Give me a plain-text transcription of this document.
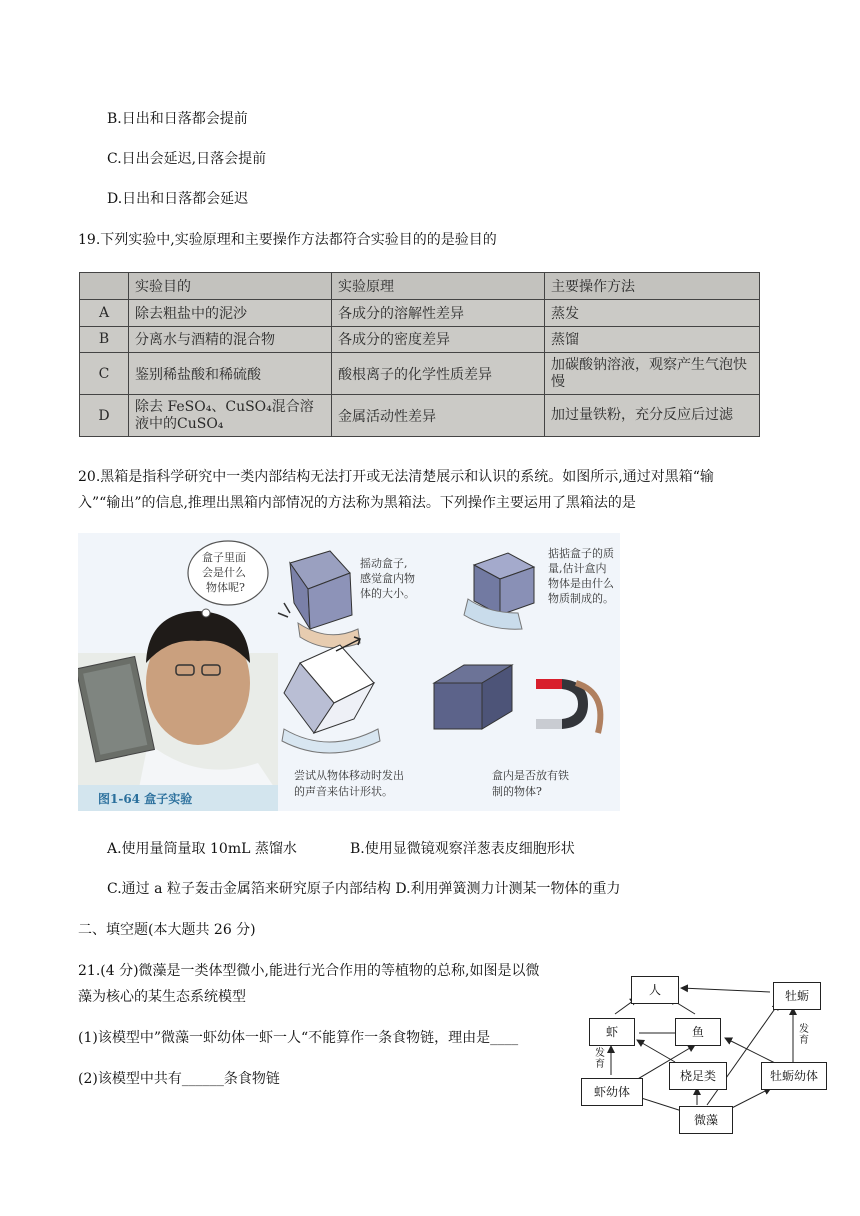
B.日出和日落都会提前
C.日出会延迟,日落会提前
D.日出和日落都会延迟
19.下列实验中,实验原理和主要操作方法都符合实验目的的是验目的
	实验目的	实验原理	主要操作方法
A	除去粗盐中的泥沙	各成分的溶解性差异	蒸发
B	分离水与酒精的混合物	各成分的密度差异	蒸馏
C	鉴别稀盐酸和稀硫酸	酸根离子的化学性质差异	加碳酸钠溶液，观察产生气泡快慢
D	除去 FeSO₄、CuSO₄混合溶液中的CuSO₄	金属活动性差异	加过量铁粉，充分反应后过滤
20.黑箱是指科学研究中一类内部结构无法打开或无法清楚展示和认识的系统。如图所示,通过对黑箱“输
入”“输出”的信息,推理出黑箱内部情况的方法称为黑箱法。下列操作主要运用了黑箱法的是
盒子里面
会是什么
物体呢?
摇动盒子,
感觉盒内物
体的大小。
掂掂盒子的质
量,估计盒内
物体是由什么
物质制成的。
尝试从物体移动时发出
的声音来估计形状。
盒内是否放有铁
制的物体?
图1-64 盒子实验
A.使用量筒量取 10mL 蒸馏水	B.使用显微镜观察洋葱表皮细胞形状
C.通过 a 粒子轰击金属箔来研究原子内部结构 D.利用弹簧测力计测某一物体的重力
二、填空题(本大题共 26 分)
21.(4 分)微藻是一类体型微小,能进行光合作用的等植物的总称,如图是以微
藻为核心的某生态系统模型
(1)该模型中”微藻一虾幼体一虾一人“不能算作一条食物链，理由是____
(2)该模型中共有______条食物链
人	牡蛎
虾	鱼
桡足类
虾幼体
牡蛎幼体
微藻
发育
发育
